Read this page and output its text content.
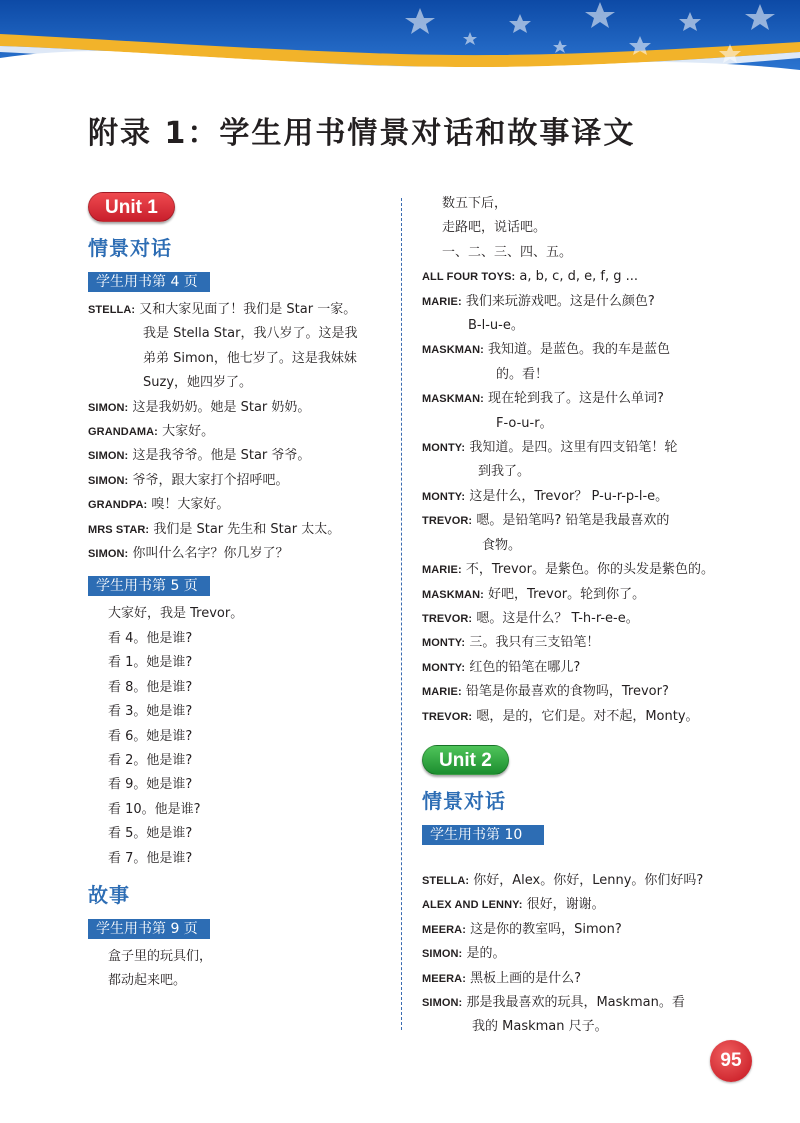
附录 1：学生用书情景对话和故事译文
Unit 1
情景对话
学生用书第 4 页
STELLA: 又和大家见面了！我们是 Star 一家。
我是 Stella Star，我八岁了。这是我
弟弟 Simon，他七岁了。这是我妹妹
Suzy，她四岁了。
SIMON: 这是我奶奶。她是 Star 奶奶。
GRANDAMA: 大家好。
SIMON: 这是我爷爷。他是 Star 爷爷。
SIMON: 爷爷，跟大家打个招呼吧。
GRANDPA: 嗅！大家好。
MRS STAR: 我们是 Star 先生和 Star 太太。
SIMON: 你叫什么名字？你几岁了？
学生用书第 5 页
大家好，我是 Trevor。
看 4。他是谁?
看 1。她是谁?
看 8。他是谁?
看 3。她是谁?
看 6。她是谁?
看 2。他是谁?
看 9。她是谁?
看 10。他是谁?
看 5。她是谁?
看 7。他是谁?
故事
学生用书第 9 页
盒子里的玩具们，
都动起来吧。
数五下后，
走路吧，说话吧。
一、二、三、四、五。
ALL FOUR TOYS: a, b, c, d, e, f, g ...
MARIE: 我们来玩游戏吧。这是什么颜色?
B-l-u-e。
MASKMAN: 我知道。是蓝色。我的车是蓝色
的。看！
MASKMAN: 现在轮到我了。这是什么单词?
F-o-u-r。
MONTY: 我知道。是四。这里有四支铅笔！轮
到我了。
MONTY: 这是什么，Trevor？ P-u-r-p-l-e。
TREVOR: 嗯。是铅笔吗? 铅笔是我最喜欢的
食物。
MARIE: 不，Trevor。是紫色。你的头发是紫色的。
MASKMAN: 好吧，Trevor。轮到你了。
TREVOR: 嗯。这是什么？ T-h-r-e-e。
MONTY: 三。我只有三支铅笔！
MONTY: 红色的铅笔在哪儿?
MARIE: 铅笔是你最喜欢的食物吗，Trevor?
TREVOR: 嗯，是的，它们是。对不起，Monty。
Unit 2
情景对话
学生用书第 10 页
STELLA: 你好，Alex。你好，Lenny。你们好吗?
ALEX AND LENNY: 很好，谢谢。
MEERA: 这是你的教室吗，Simon?
SIMON: 是的。
MEERA: 黑板上画的是什么?
SIMON: 那是我最喜欢的玩具，Maskman。看
我的 Maskman 尺子。
95
